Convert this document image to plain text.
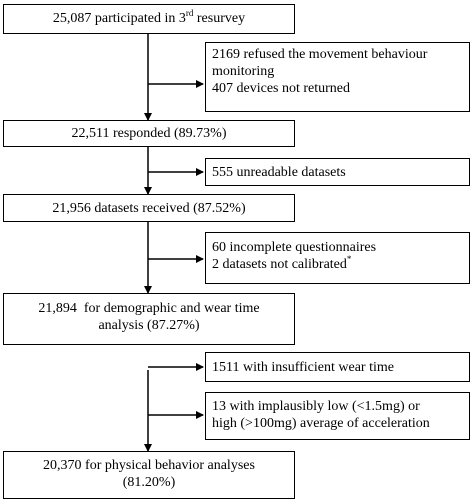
25,087 participated in 3rd resurvey
2169 refused the movement behaviour
monitoring
407 devices not returned
22,511 responded (89.73%)
555 unreadable datasets
21,956 datasets received (87.52%)
60 incomplete questionnaires
2 datasets not calibrated*
21,894  for demographic and wear time
analysis (87.27%)
1511 with insufficient wear time
13 with implausibly low (<1.5mg) or
high (>100mg) average of acceleration
20,370 for physical behavior analyses
(81.20%)
